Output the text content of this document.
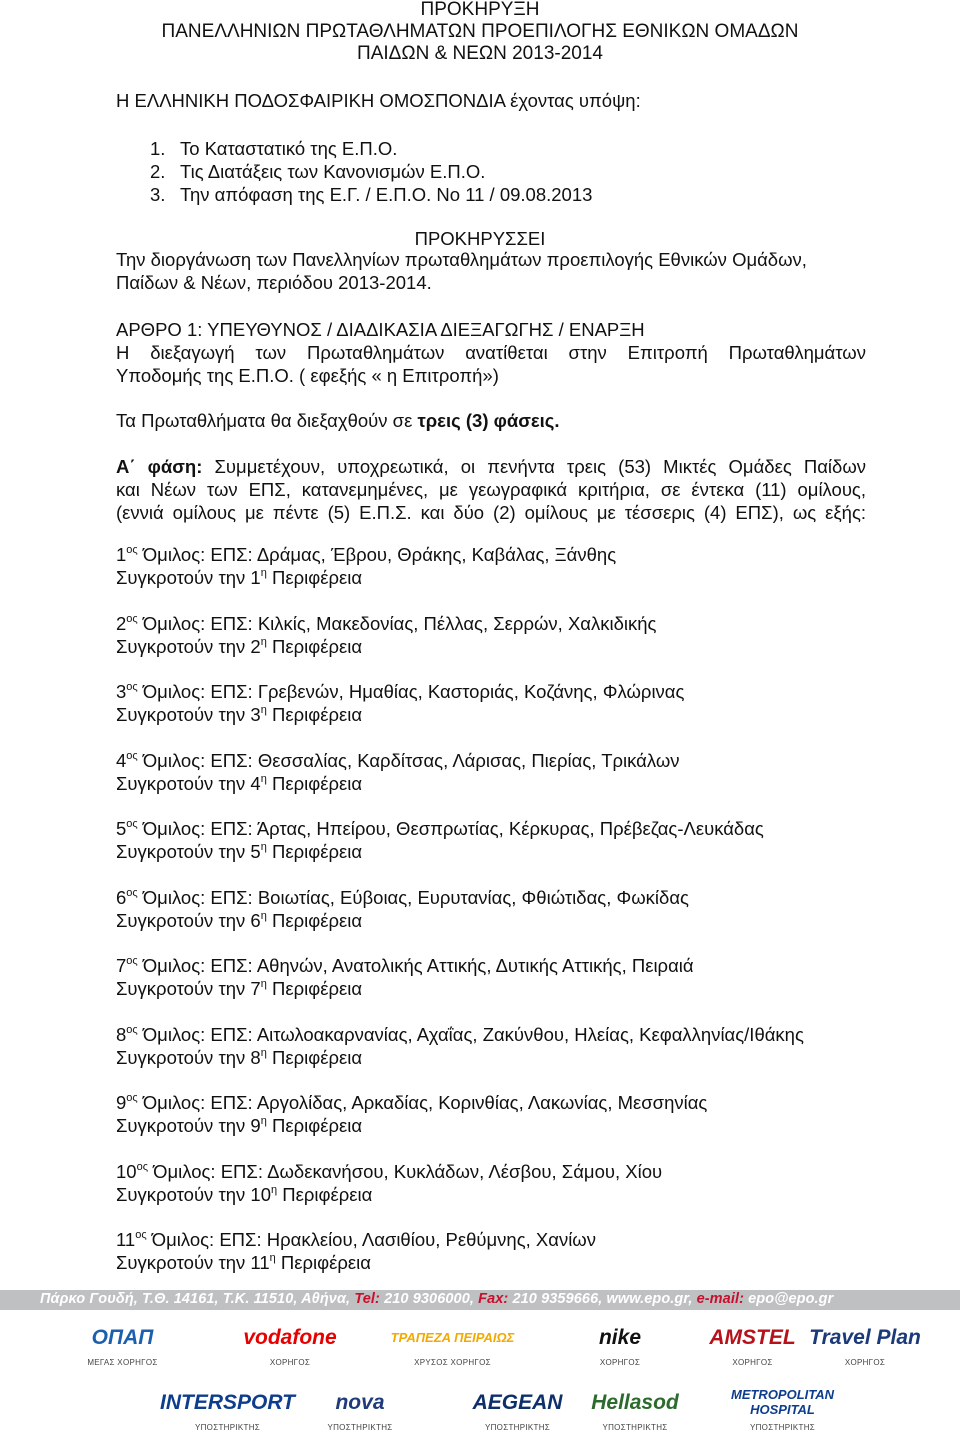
ΠΡΟΚΗΡΥΞΗ

ΠΑΝΕΛΛΗΝΙΩΝ ΠΡΩΤΑΘΛΗΜΑΤΩΝ ΠΡΟΕΠΙΛΟΓΗΣ ΕΘΝΙΚΩΝ ΟΜΑΔΩΝ

ΠΑΙΔΩΝ & ΝΕΩΝ 2013-2014

Η ΕΛΛΗΝΙΚΗ ΠΟΔΟΣΦΑΙΡΙΚΗ ΟΜΟΣΠΟΝΔΙΑ έχοντας υπόψη:
1. Το Καταστατικό της Ε.Π.Ο.
2. Τις Διατάξεις των Κανονισμών Ε.Π.Ο.
3. Την απόφαση της Ε.Γ. / Ε.Π.Ο. Νο 11 / 09.08.2013
ΠΡΟΚΗΡΥΣΣΕΙ
Την διοργάνωση των Πανελληνίων πρωταθλημάτων προεπιλογής Εθνικών Ομάδων,
Παίδων & Νέων, περιόδου 2013-2014.
ΑΡΘΡΟ 1: ΥΠΕΥΘΥΝΟΣ / ΔΙΑΔΙΚΑΣΙΑ ΔΙΕΞΑΓΩΓΗΣ / ΕΝΑΡΞΗ
Η διεξαγωγή των Πρωταθλημάτων ανατίθεται στην Επιτροπή Πρωταθλημάτων
Υποδομής της Ε.Π.Ο. ( εφεξής « η Επιτροπή»)
Τα Πρωταθλήματα θα διεξαχθούν σε τρεις (3) φάσεις.
Α΄ φάση: Συμμετέχουν, υποχρεωτικά, οι πενήντα τρεις (53) Μικτές Ομάδες Παίδων
και Νέων των ΕΠΣ, κατανεμημένες, με γεωγραφικά κριτήρια, σε έντεκα (11) ομίλους,
(εννιά ομίλους με πέντε (5) Ε.Π.Σ. και δύο (2) ομίλους με τέσσερις (4) ΕΠΣ), ως εξής:
$1^{o\varsigma}$ Όμιλος: ΕΠΣ: Δράμας, Έβρου, Θράκης, Καβάλας, Ξάνθης
Συγκροτούν την $1^\eta$ Περιφέρεια
$2^{o\varsigma}$ Όμιλος: ΕΠΣ: Κιλκίς, Μακεδονίας, Πέλλας, Σερρών, Χαλκιδικής
Συγκροτούν την $2^\eta$ Περιφέρεια
$3^{o\varsigma}$ Όμιλος: ΕΠΣ: Γρεβενών, Ημαθίας, Καστοριάς, Κοζάνης, Φλώρινας
Συγκροτούν την $3^\eta$ Περιφέρεια
$4^{o\varsigma}$ Όμιλος: ΕΠΣ: Θεσσαλίας, Καρδίτσας, Λάρισας, Πιερίας, Τρικάλων
Συγκροτούν την $4^\eta$ Περιφέρεια
$5^{o\varsigma}$ Όμιλος: ΕΠΣ: Άρτας, Ηπείρου, Θεσπρωτίας, Κέρκυρας, Πρέβεζας-Λευκάδας
Συγκροτούν την $5^\eta$ Περιφέρεια
$6^{o\varsigma}$ Όμιλος: ΕΠΣ: Βοιωτίας, Εύβοιας, Ευρυτανίας, Φθιώτιδας, Φωκίδας
Συγκροτούν την $6^\eta$ Περιφέρεια
$7^{o\varsigma}$ Όμιλος: ΕΠΣ: Αθηνών, Ανατολικής Αττικής, Δυτικής Αττικής, Πειραιά
Συγκροτούν την $7^\eta$ Περιφέρεια
$8^{o\varsigma}$ Όμιλος: ΕΠΣ: Αιτωλοακαρνανίας, Αχαΐας, Ζακύνθου, Ηλείας, Κεφαλληνίας/Ιθάκης
Συγκροτούν την $8^\eta$ Περιφέρεια
$9^{o\varsigma}$ Όμιλος: ΕΠΣ: Αργολίδας, Αρκαδίας, Κορινθίας, Λακωνίας, Μεσσηνίας
Συγκροτούν την $9^\eta$ Περιφέρεια
$10^{o\varsigma}$ Όμιλος: ΕΠΣ: Δωδεκανήσου, Κυκλάδων, Λέσβου, Σάμου, Χίου
Συγκροτούν την $10^\eta$ Περιφέρεια
$11^{o\varsigma}$ Όμιλος: ΕΠΣ: Ηρακλείου, Λασιθίου, Ρεθύμνης, Χανίων
Συγκροτούν την $11^\eta$ Περιφέρεια
Πάρκο Γουδή, Τ.Θ. 14161, Τ.Κ. 11510, Αθήνα, Tel: 210 9306000, Fax: 210 9359666, www.epo.gr, e-mail: epo@epo.gr
ΟΠΑΠ
ΜΕΓΑΣ ΧΟΡΗΓΟΣ
vodafone
ΧΟΡΗΓΟΣ
ΤΡΑΠΕΖΑ ΠΕΙΡΑΙΩΣ
ΧΡΥΣΟΣ ΧΟΡΗΓΟΣ
nike
ΧΟΡΗΓΟΣ
AMSTEL
ΧΟΡΗΓΟΣ
Travel Plan
ΧΟΡΗΓΟΣ
INTERSPORT
ΥΠΟΣΤΗΡΙΚΤΗΣ
nova
ΥΠΟΣΤΗΡΙΚΤΗΣ
AEGEAN
ΥΠΟΣΤΗΡΙΚΤΗΣ
Hellasod
ΥΠΟΣΤΗΡΙΚΤΗΣ
METROPOLITAN HOSPITAL
ΥΠΟΣΤΗΡΙΚΤΗΣ
